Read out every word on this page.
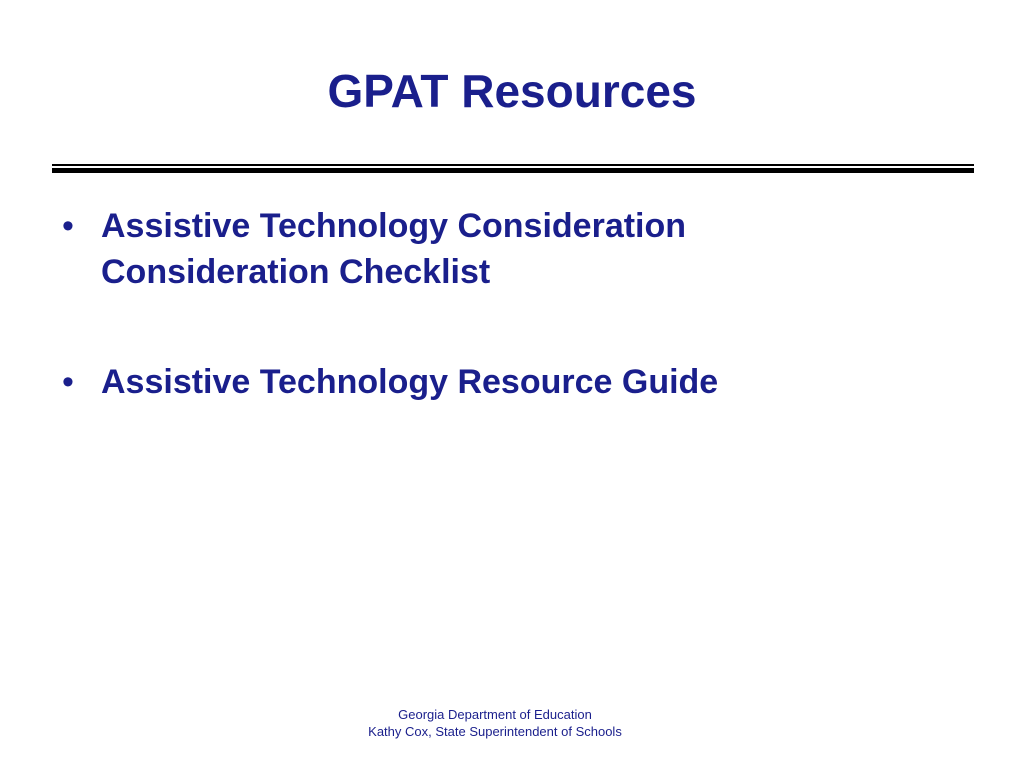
GPAT Resources
• Assistive Technology Consideration
Consideration Checklist
• Assistive Technology Resource Guide
Georgia Department of Education
Kathy Cox, State Superintendent of Schools
